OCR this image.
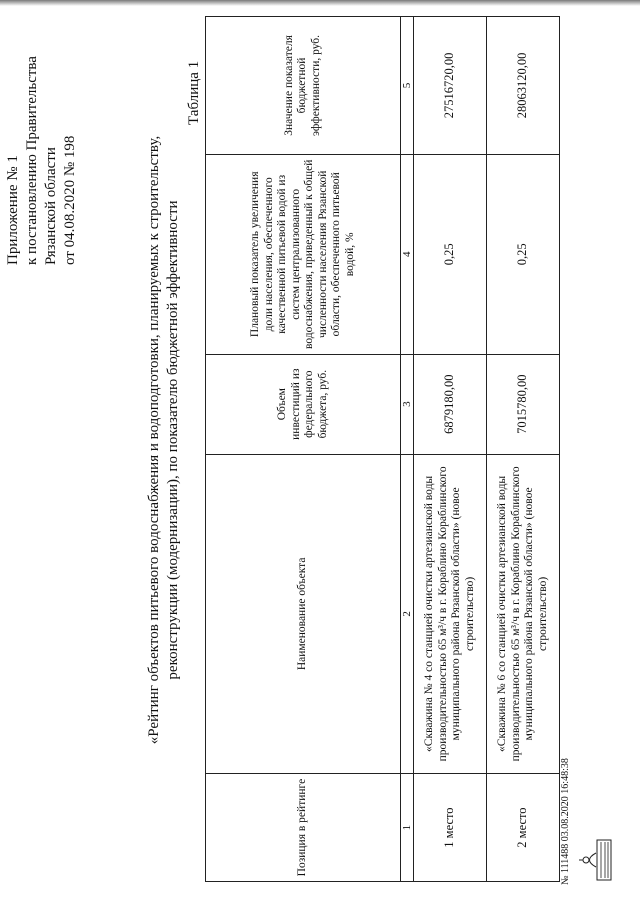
Приложение № 1 к постановлению Правительства Рязанской области от 04.08.2020 № 198	«Рейтинг объектов питьевого водоснабжения и водоподготовки, планируемых к строительству, реконструкции (модернизации), по показателю бюджетной эффективности
Таблица 1
Позиция в рейтинге	Наименование объекта	Объем инвестиций из федерального бюджета, руб.	Плановый показатель увеличения доли населения, обеспеченного качественной питьевой водой из систем централизованного водоснабжения, приведенный к общей численности населения Рязанской области, обеспеченного питьевой водой, %	Значение показателя бюджетной эффективности, руб.
1	2	3	4	5
1 место	«Скважина № 4 со станцией очистки артезианской воды производительностью 65 м³/ч в г. Кораблино Кораблинского муниципального района Рязанской области» (новое строительство)	6879180,00	0,25	27516720,00
2 место	«Скважина № 6 со станцией очистки артезианской воды производительностью 65 м³/ч в г. Кораблино Кораблинского муниципального района Рязанской области» (новое строительство)	7015780,00	0,25	28063120,00
№ 111488 03.08.2020 16:48:38
